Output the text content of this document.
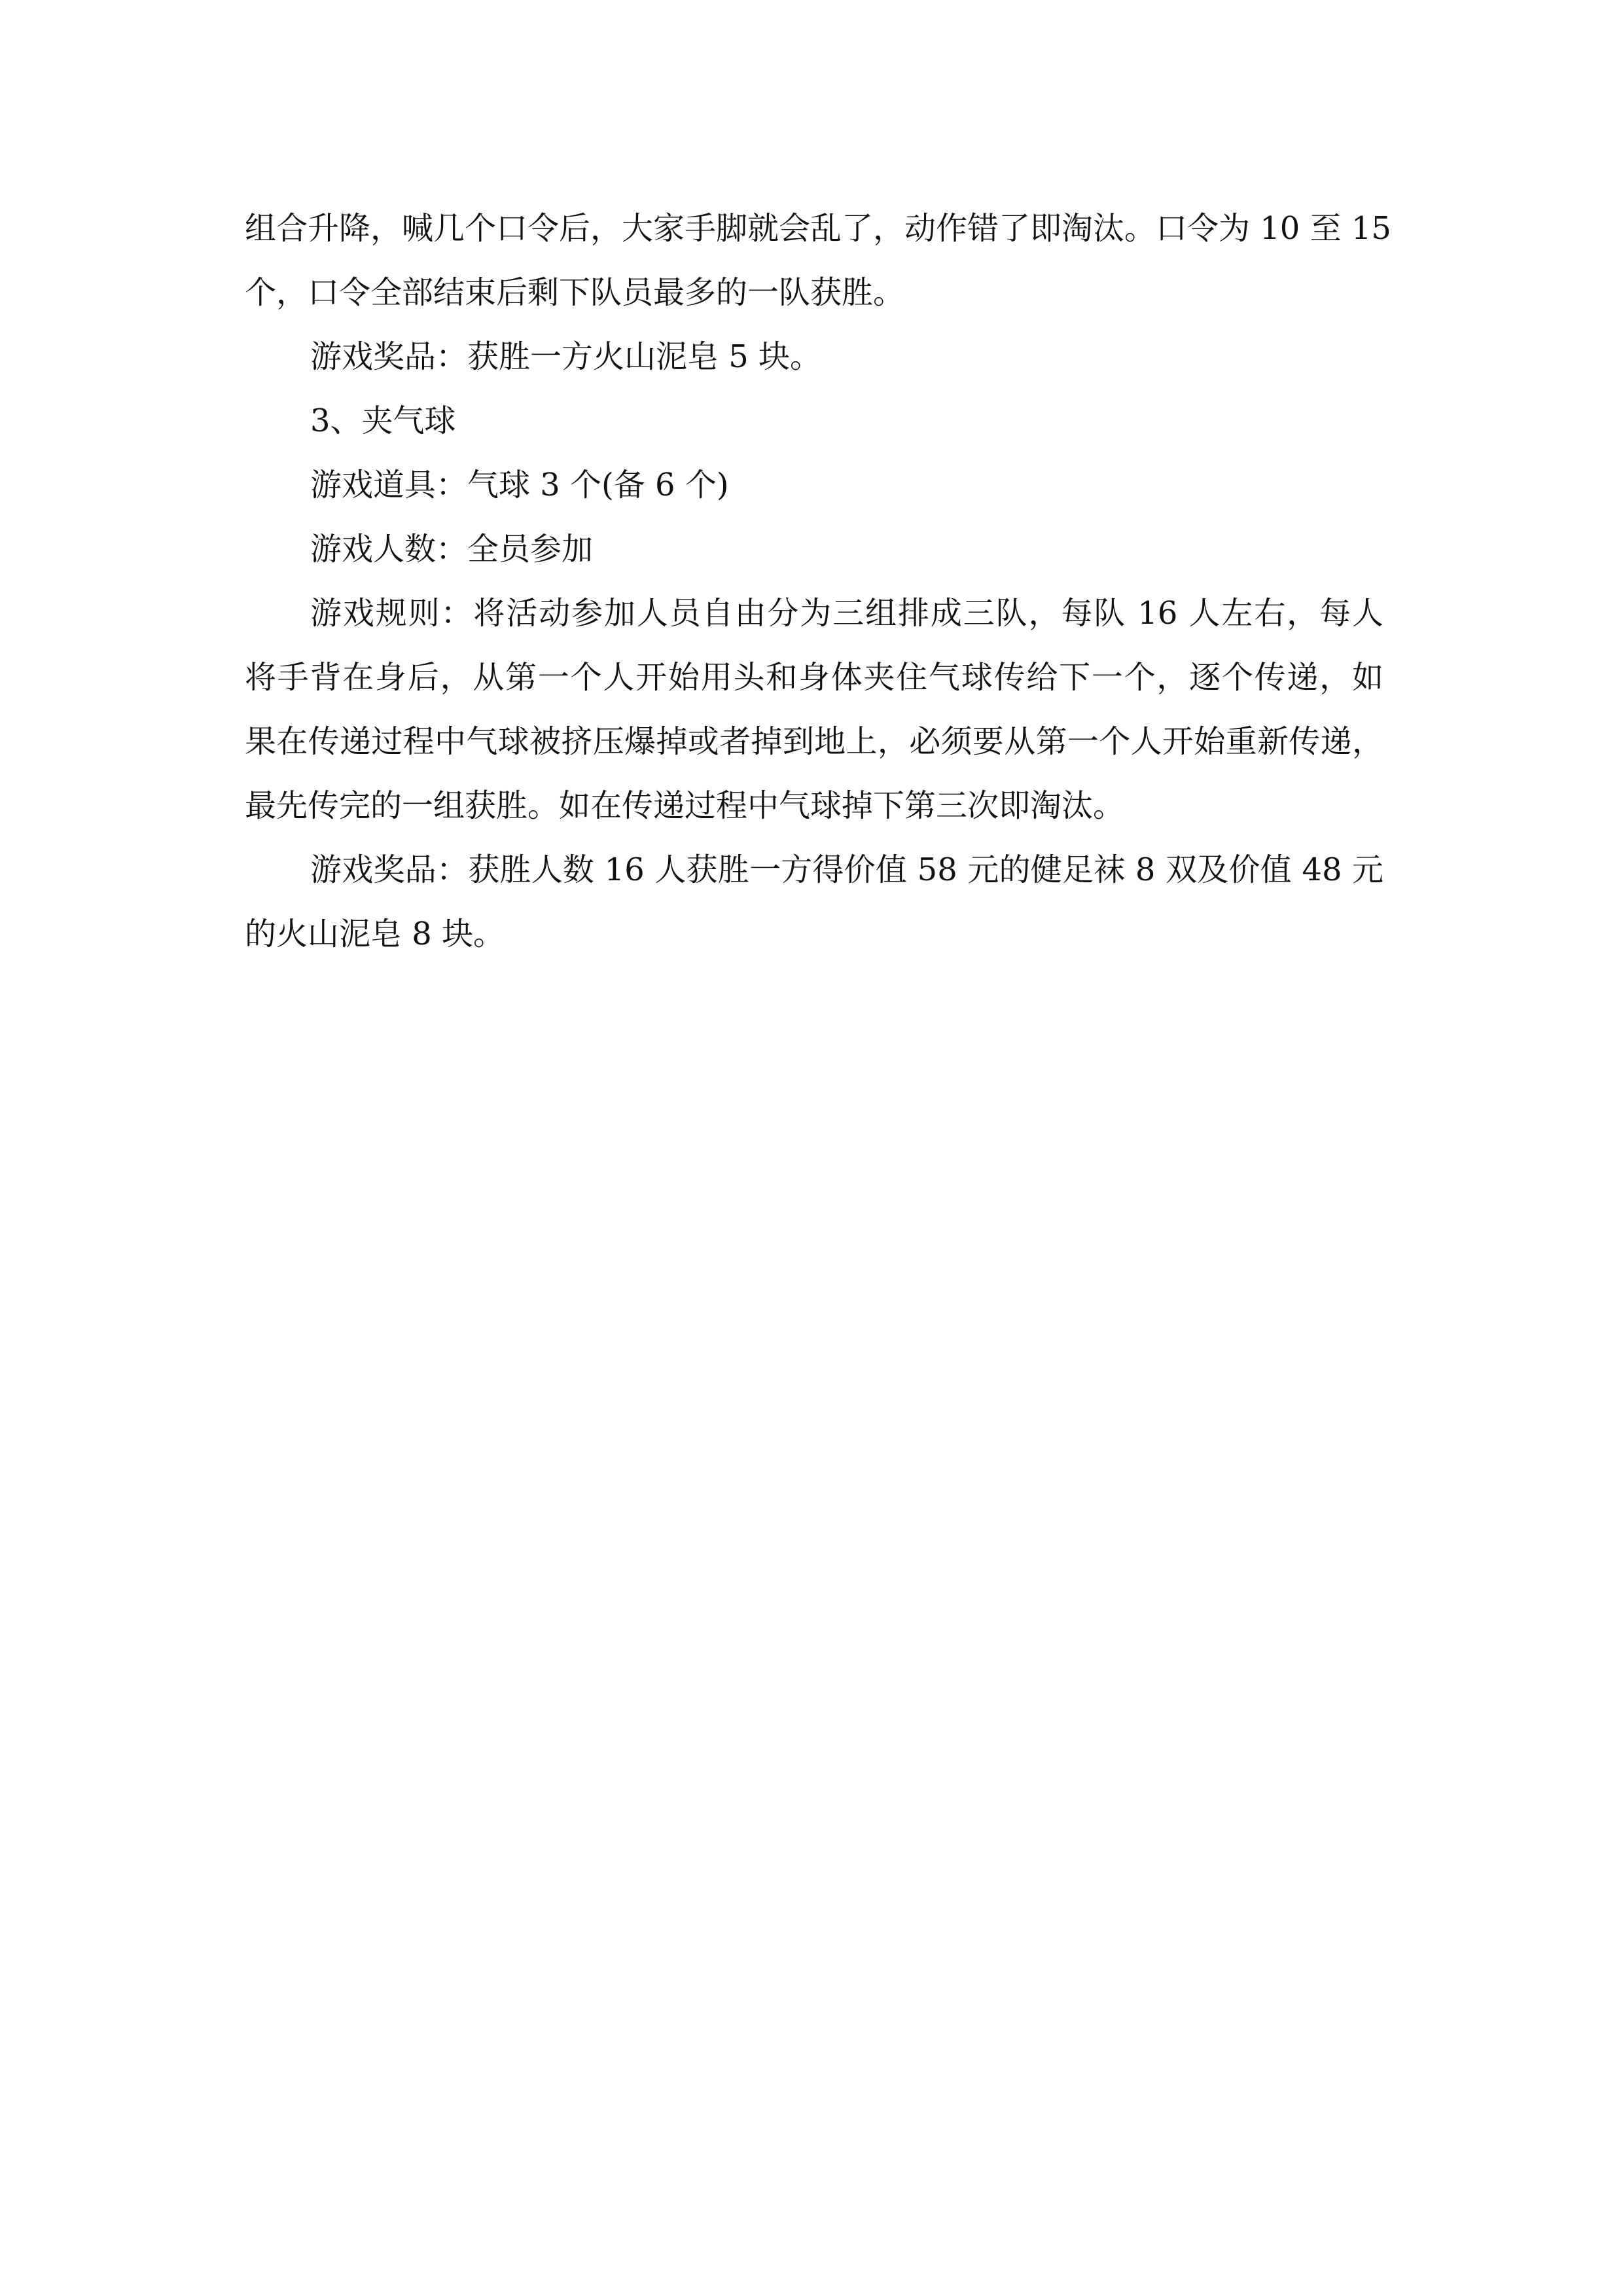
组合升降，喊几个口令后，大家手脚就会乱了，动作错了即淘汰。口令为 10 至 15
个，口令全部结束后剩下队员最多的一队获胜。
游戏奖品：获胜一方火山泥皂 5 块。
3、夹气球
游戏道具：气球 3 个(备 6 个)
游戏人数：全员参加
游戏规则：将活动参加人员自由分为三组排成三队，每队 16 人左右，每人
将手背在身后，从第一个人开始用头和身体夹住气球传给下一个，逐个传递，如
果在传递过程中气球被挤压爆掉或者掉到地上，必须要从第一个人开始重新传递，
最先传完的一组获胜。如在传递过程中气球掉下第三次即淘汰。
游戏奖品：获胜人数 16 人获胜一方得价值 58 元的健足袜 8 双及价值 48 元
的火山泥皂 8 块。
